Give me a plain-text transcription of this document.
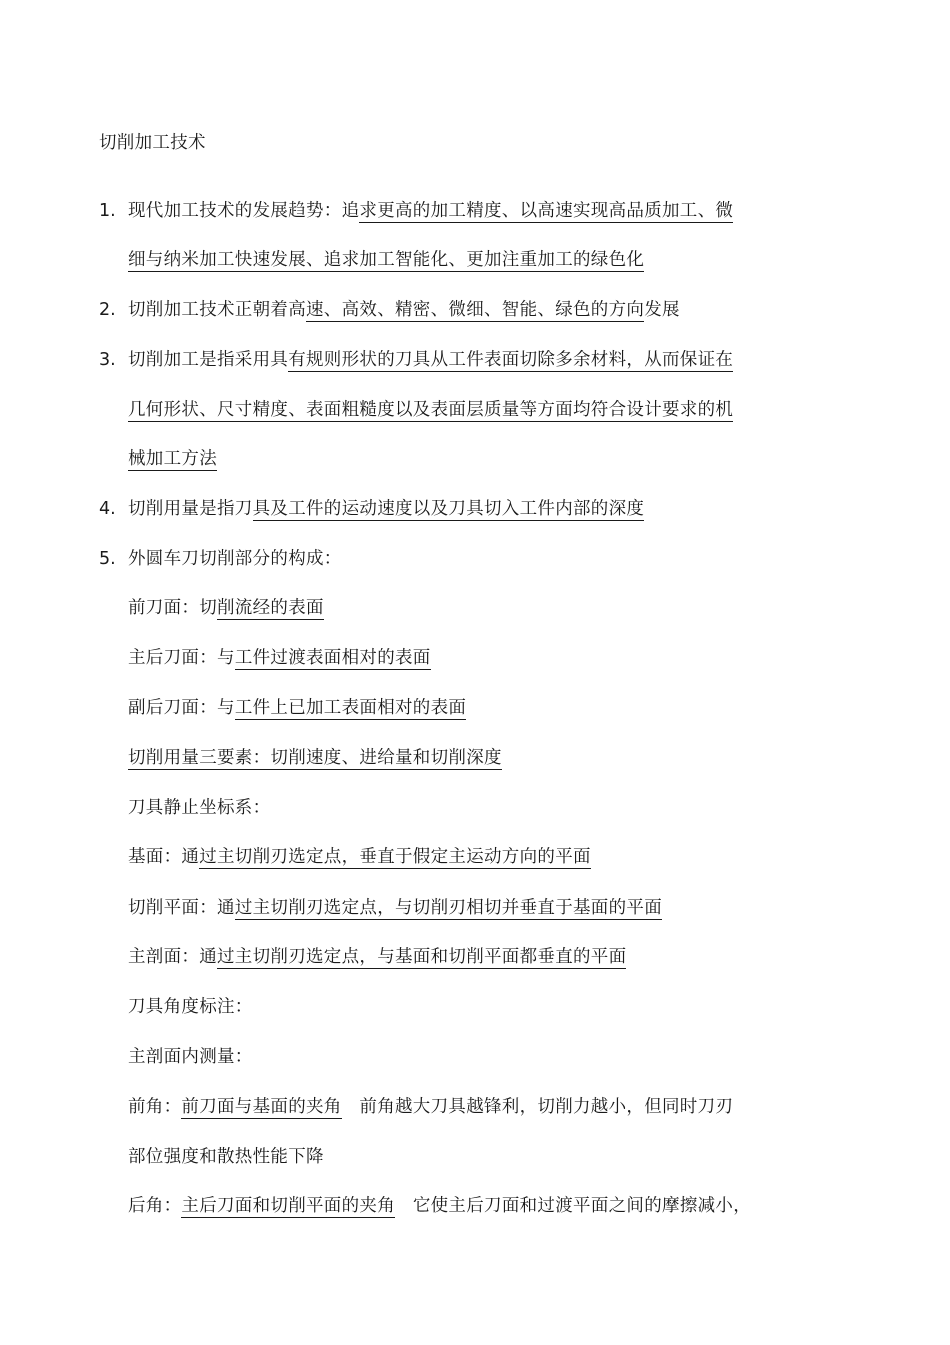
切削加工技术
1. 现代加工技术的发展趋势：追求更高的加工精度、以高速实现高品质加工、微
细与纳米加工快速发展、追求加工智能化、更加注重加工的绿色化
2. 切削加工技术正朝着高速、高效、精密、微细、智能、绿色的方向发展
3. 切削加工是指采用具有规则形状的刀具从工件表面切除多余材料，从而保证在
几何形状、尺寸精度、表面粗糙度以及表面层质量等方面均符合设计要求的机
械加工方法
4. 切削用量是指刀具及工件的运动速度以及刀具切入工件内部的深度
5. 外圆车刀切削部分的构成：
前刀面：切削流经的表面
主后刀面：与工件过渡表面相对的表面
副后刀面：与工件上已加工表面相对的表面
切削用量三要素：切削速度、进给量和切削深度
刀具静止坐标系：
基面：通过主切削刃选定点，垂直于假定主运动方向的平面
切削平面：通过主切削刃选定点，与切削刃相切并垂直于基面的平面
主剖面：通过主切削刃选定点，与基面和切削平面都垂直的平面
刀具角度标注：
主剖面内测量：
前角：前刀面与基面的夹角　前角越大刀具越锋利，切削力越小，但同时刀刃
部位强度和散热性能下降
后角：主后刀面和切削平面的夹角　它使主后刀面和过渡平面之间的摩擦减小，
